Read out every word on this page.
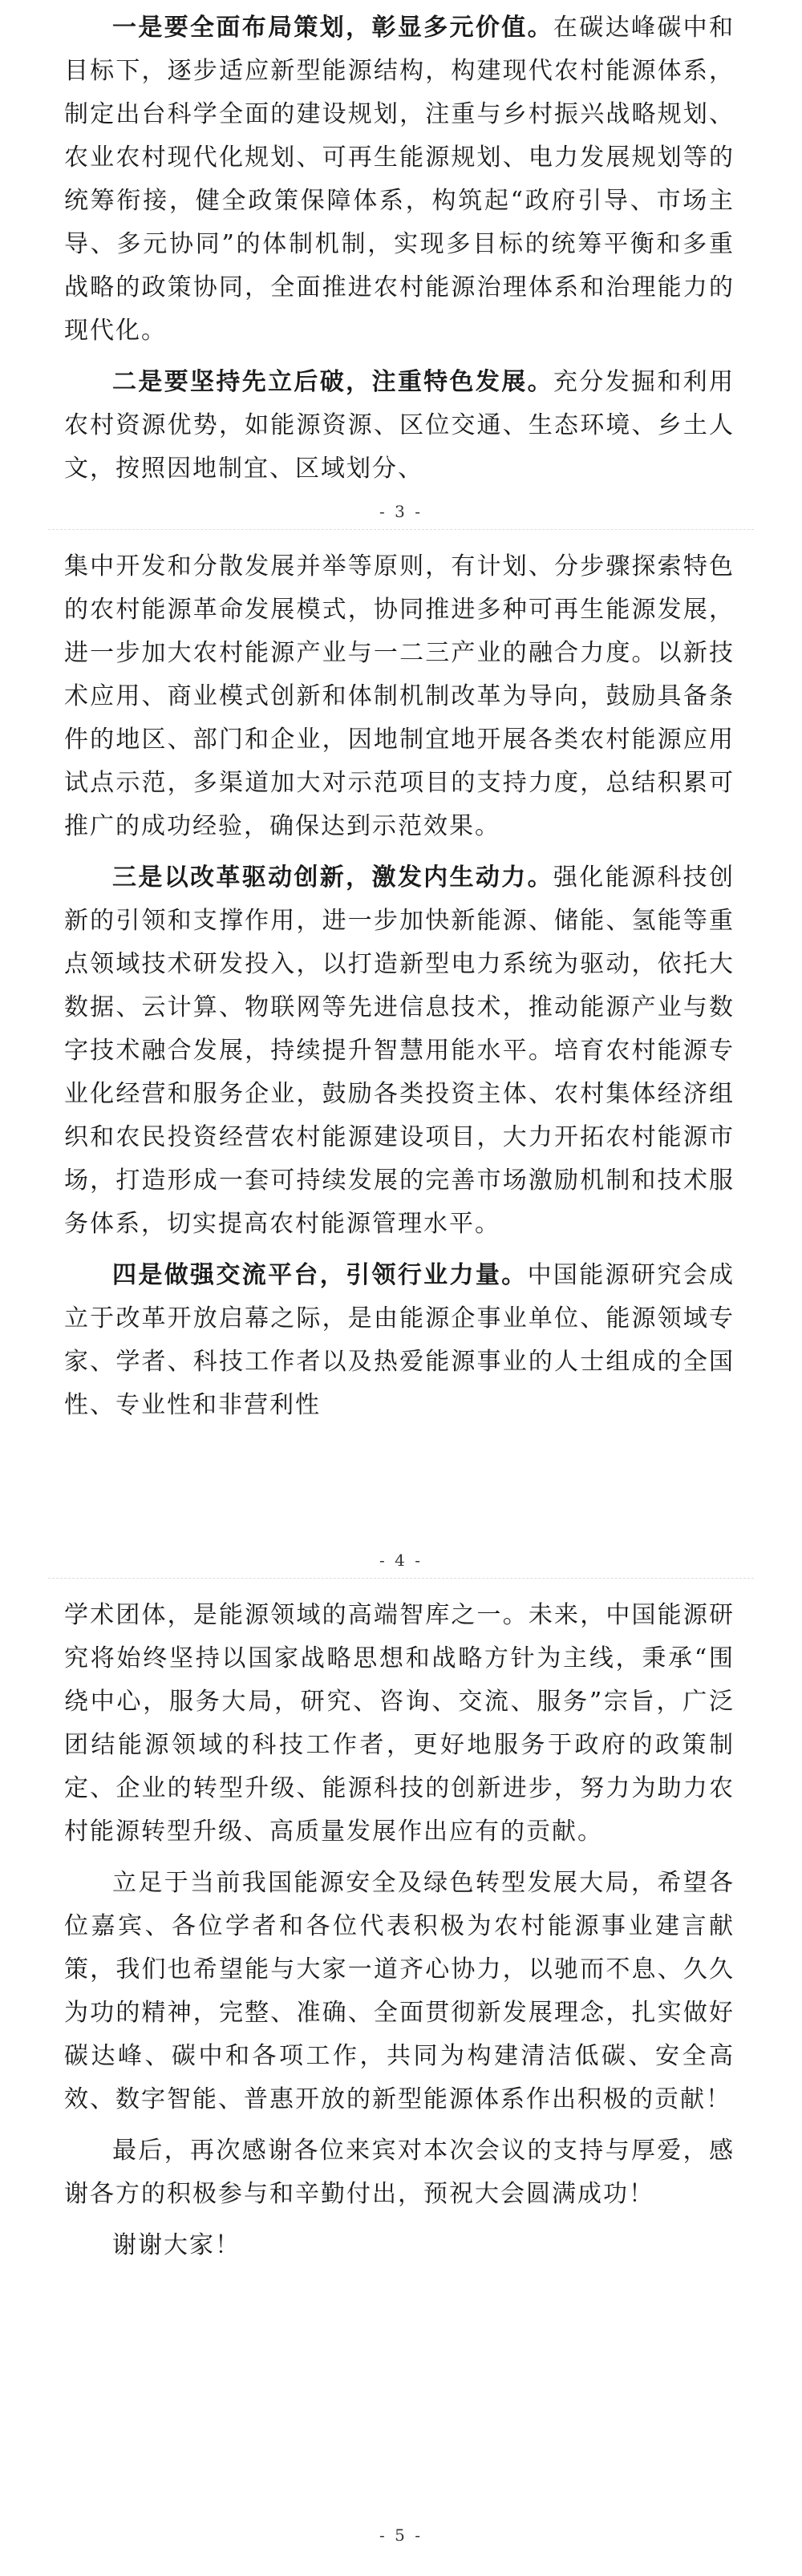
一是要全面布局策划，彰显多元价值。在碳达峰碳中和目标下，逐步适应新型能源结构，构建现代农村能源体系，制定出台科学全面的建设规划，注重与乡村振兴战略规划、农业农村现代化规划、可再生能源规划、电力发展规划等的统筹衔接，健全政策保障体系，构筑起“政府引导、市场主导、多元协同”的体制机制，实现多目标的统筹平衡和多重战略的政策协同，全面推进农村能源治理体系和治理能力的现代化。

二是要坚持先立后破，注重特色发展。充分发掘和利用农村资源优势，如能源资源、区位交通、生态环境、乡土人文，按照因地制宜、区域划分、

- 3 -

集中开发和分散发展并举等原则，有计划、分步骤探索特色的农村能源革命发展模式，协同推进多种可再生能源发展，进一步加大农村能源产业与一二三产业的融合力度。以新技术应用、商业模式创新和体制机制改革为导向，鼓励具备条件的地区、部门和企业，因地制宜地开展各类农村能源应用试点示范，多渠道加大对示范项目的支持力度，总结积累可推广的成功经验，确保达到示范效果。

三是以改革驱动创新，激发内生动力。强化能源科技创新的引领和支撑作用，进一步加快新能源、储能、氢能等重点领域技术研发投入，以打造新型电力系统为驱动，依托大数据、云计算、物联网等先进信息技术，推动能源产业与数字技术融合发展，持续提升智慧用能水平。培育农村能源专业化经营和服务企业，鼓励各类投资主体、农村集体经济组织和农民投资经营农村能源建设项目，大力开拓农村能源市场，打造形成一套可持续发展的完善市场激励机制和技术服务体系，切实提高农村能源管理水平。

四是做强交流平台，引领行业力量。中国能源研究会成立于改革开放启幕之际，是由能源企事业单位、能源领域专家、学者、科技工作者以及热爱能源事业的人士组成的全国性、专业性和非营利性

- 4 -

学术团体，是能源领域的高端智库之一。未来，中国能源研究将始终坚持以国家战略思想和战略方针为主线，秉承“围绕中心，服务大局，研究、咨询、交流、服务”宗旨，广泛团结能源领域的科技工作者，更好地服务于政府的政策制定、企业的转型升级、能源科技的创新进步，努力为助力农村能源转型升级、高质量发展作出应有的贡献。

立足于当前我国能源安全及绿色转型发展大局，希望各位嘉宾、各位学者和各位代表积极为农村能源事业建言献策，我们也希望能与大家一道齐心协力，以驰而不息、久久为功的精神，完整、准确、全面贯彻新发展理念，扎实做好碳达峰、碳中和各项工作，共同为构建清洁低碳、安全高效、数字智能、普惠开放的新型能源体系作出积极的贡献！

最后，再次感谢各位来宾对本次会议的支持与厚爱，感谢各方的积极参与和辛勤付出，预祝大会圆满成功！

谢谢大家！

- 5 -
